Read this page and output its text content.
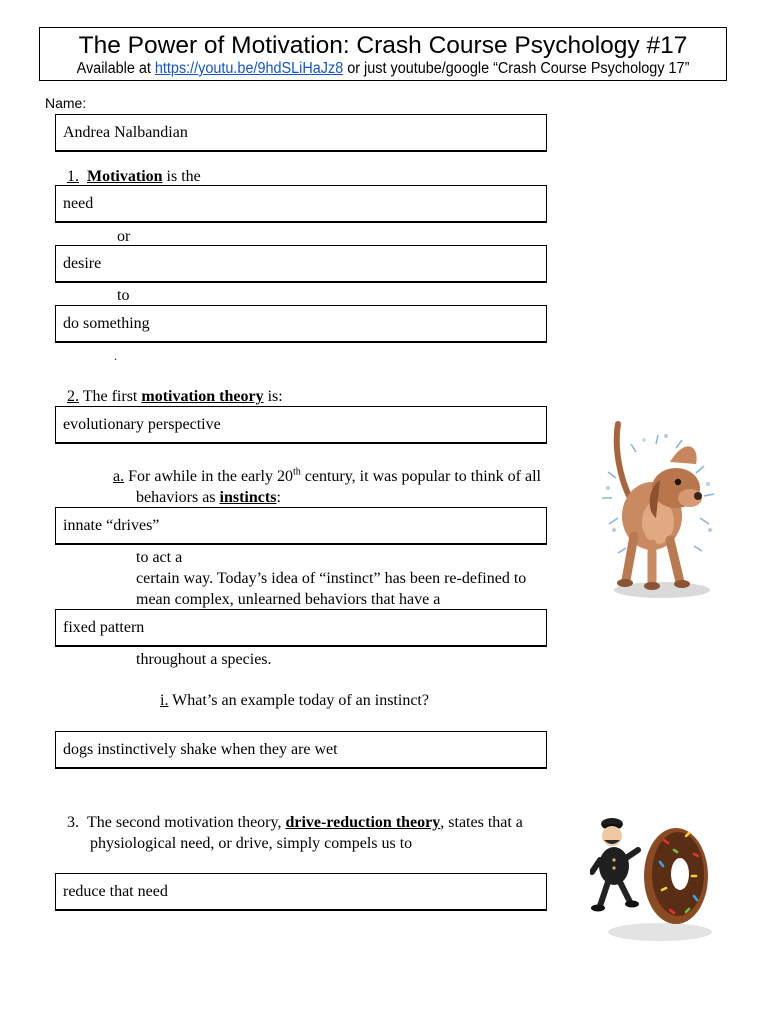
The Power of Motivation: Crash Course Psychology #17
Available at https://youtu.be/9hdSLiHaJz8 or just youtube/google “Crash Course Psychology 17”
Name:
Andrea Nalbandian
1. Motivation is the
need
or
desire
to
do something
.
2. The first motivation theory is:
evolutionary perspective
a. For awhile in the early 20th century, it was popular to think of all
behaviors as instincts:
innate “drives”
to act a
certain way. Today’s idea of “instinct” has been re-defined to
mean complex, unlearned behaviors that have a
fixed pattern
throughout a species.
i. What’s an example today of an instinct?
dogs instinctively shake when they are wet
3. The second motivation theory, drive-reduction theory, states that a
physiological need, or drive, simply compels us to
reduce that need
